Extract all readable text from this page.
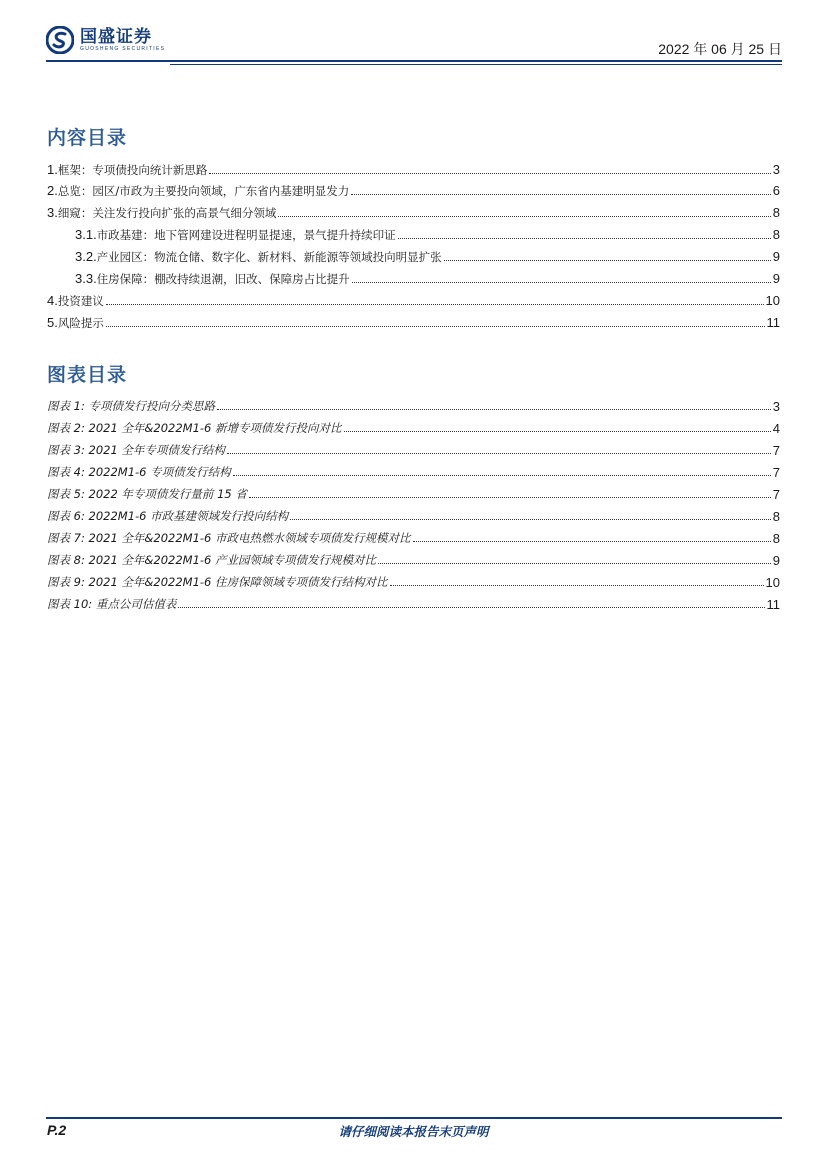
国盛证券
GUOSHENG SECURITIES	2022 年 06 月 25 日
内容目录
1. 框架：专项债投向统计新思路	3
2. 总览：园区/市政为主要投向领域，广东省内基建明显发力	6
3. 细窥：关注发行投向扩张的高景气细分领域	8
3.1. 市政基建：地下管网建设进程明显提速，景气提升持续印证	8
3.2. 产业园区：物流仓储、数字化、新材料、新能源等领域投向明显扩张	9
3.3. 住房保障：棚改持续退潮，旧改、保障房占比提升	9
4. 投资建议	10
5. 风险提示	11
图表目录
图表 1: 专项债发行投向分类思路	3
图表 2: 2021 全年&2022M1-6 新增专项债发行投向对比	4
图表 3: 2021 全年专项债发行结构	7
图表 4: 2022M1-6 专项债发行结构	7
图表 5: 2022 年专项债发行量前 15 省	7
图表 6: 2022M1-6 市政基建领域发行投向结构	8
图表 7: 2021 全年&2022M1-6 市政电热燃水领域专项债发行规模对比	8
图表 8: 2021 全年&2022M1-6 产业园领域专项债发行规模对比	9
图表 9: 2021 全年&2022M1-6 住房保障领域专项债发行结构对比	10
图表 10: 重点公司估值表	11
请仔细阅读本报告末页声明
P.2
